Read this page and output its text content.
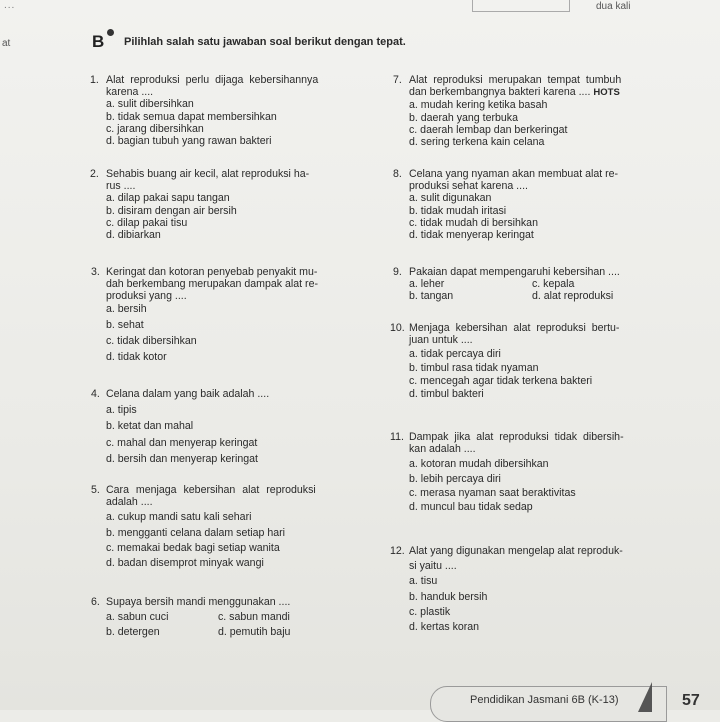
...	dua kali
at	B Pilihlah salah satu jawaban soal berikut dengan tepat.
1. Alat reproduksi perlu dijaga kebersihannya
karena ....
a. sulit dibersihkan
b. tidak semua dapat membersihkan
c. jarang dibersihkan
d. bagian tubuh yang rawan bakteri
2. Sehabis buang air kecil, alat reproduksi ha-
rus ....
a. dilap pakai sapu tangan
b. disiram dengan air bersih
c. dilap pakai tisu
d. dibiarkan
3. Keringat dan kotoran penyebab penyakit mu-
dah berkembang merupakan dampak alat re-
produksi yang ....
a. bersih
b. sehat
c. tidak dibersihkan
d. tidak kotor
4. Celana dalam yang baik adalah ....
a. tipis
b. ketat dan mahal
c. mahal dan menyerap keringat
d. bersih dan menyerap keringat
5. Cara menjaga kebersihan alat reproduksi
adalah ....
a. cukup mandi satu kali sehari
b. mengganti celana dalam setiap hari
c. memakai bedak bagi setiap wanita
d. badan disemprot minyak wangi
6. Supaya bersih mandi menggunakan ....
a. sabun cuci	c. sabun mandi
b. detergen	d. pemutih baju
7. Alat reproduksi merupakan tempat tumbuh
dan berkembangnya bakteri karena .... HOTS
a. mudah kering ketika basah
b. daerah yang terbuka
c. daerah lembap dan berkeringat
d. sering terkena kain celana
8. Celana yang nyaman akan membuat alat re-
produksi sehat karena ....
a. sulit digunakan
b. tidak mudah iritasi
c. tidak mudah di bersihkan
d. tidak menyerap keringat
9. Pakaian dapat mempengaruhi kebersihan ....
a. leher	c. kepala
b. tangan	d. alat reproduksi
10. Menjaga kebersihan alat reproduksi bertu-
juan untuk ....
a. tidak percaya diri
b. timbul rasa tidak nyaman
c. mencegah agar tidak terkena bakteri
d. timbul bakteri
11. Dampak jika alat reproduksi tidak dibersih-
kan adalah ....
a. kotoran mudah dibersihkan
b. lebih percaya diri
c. merasa nyaman saat beraktivitas
d. muncul bau tidak sedap
12. Alat yang digunakan mengelap alat reproduk-
si yaitu ....
a. tisu
b. handuk bersih
c. plastik
d. kertas koran
Pendidikan Jasmani 6B (K-13)	57
